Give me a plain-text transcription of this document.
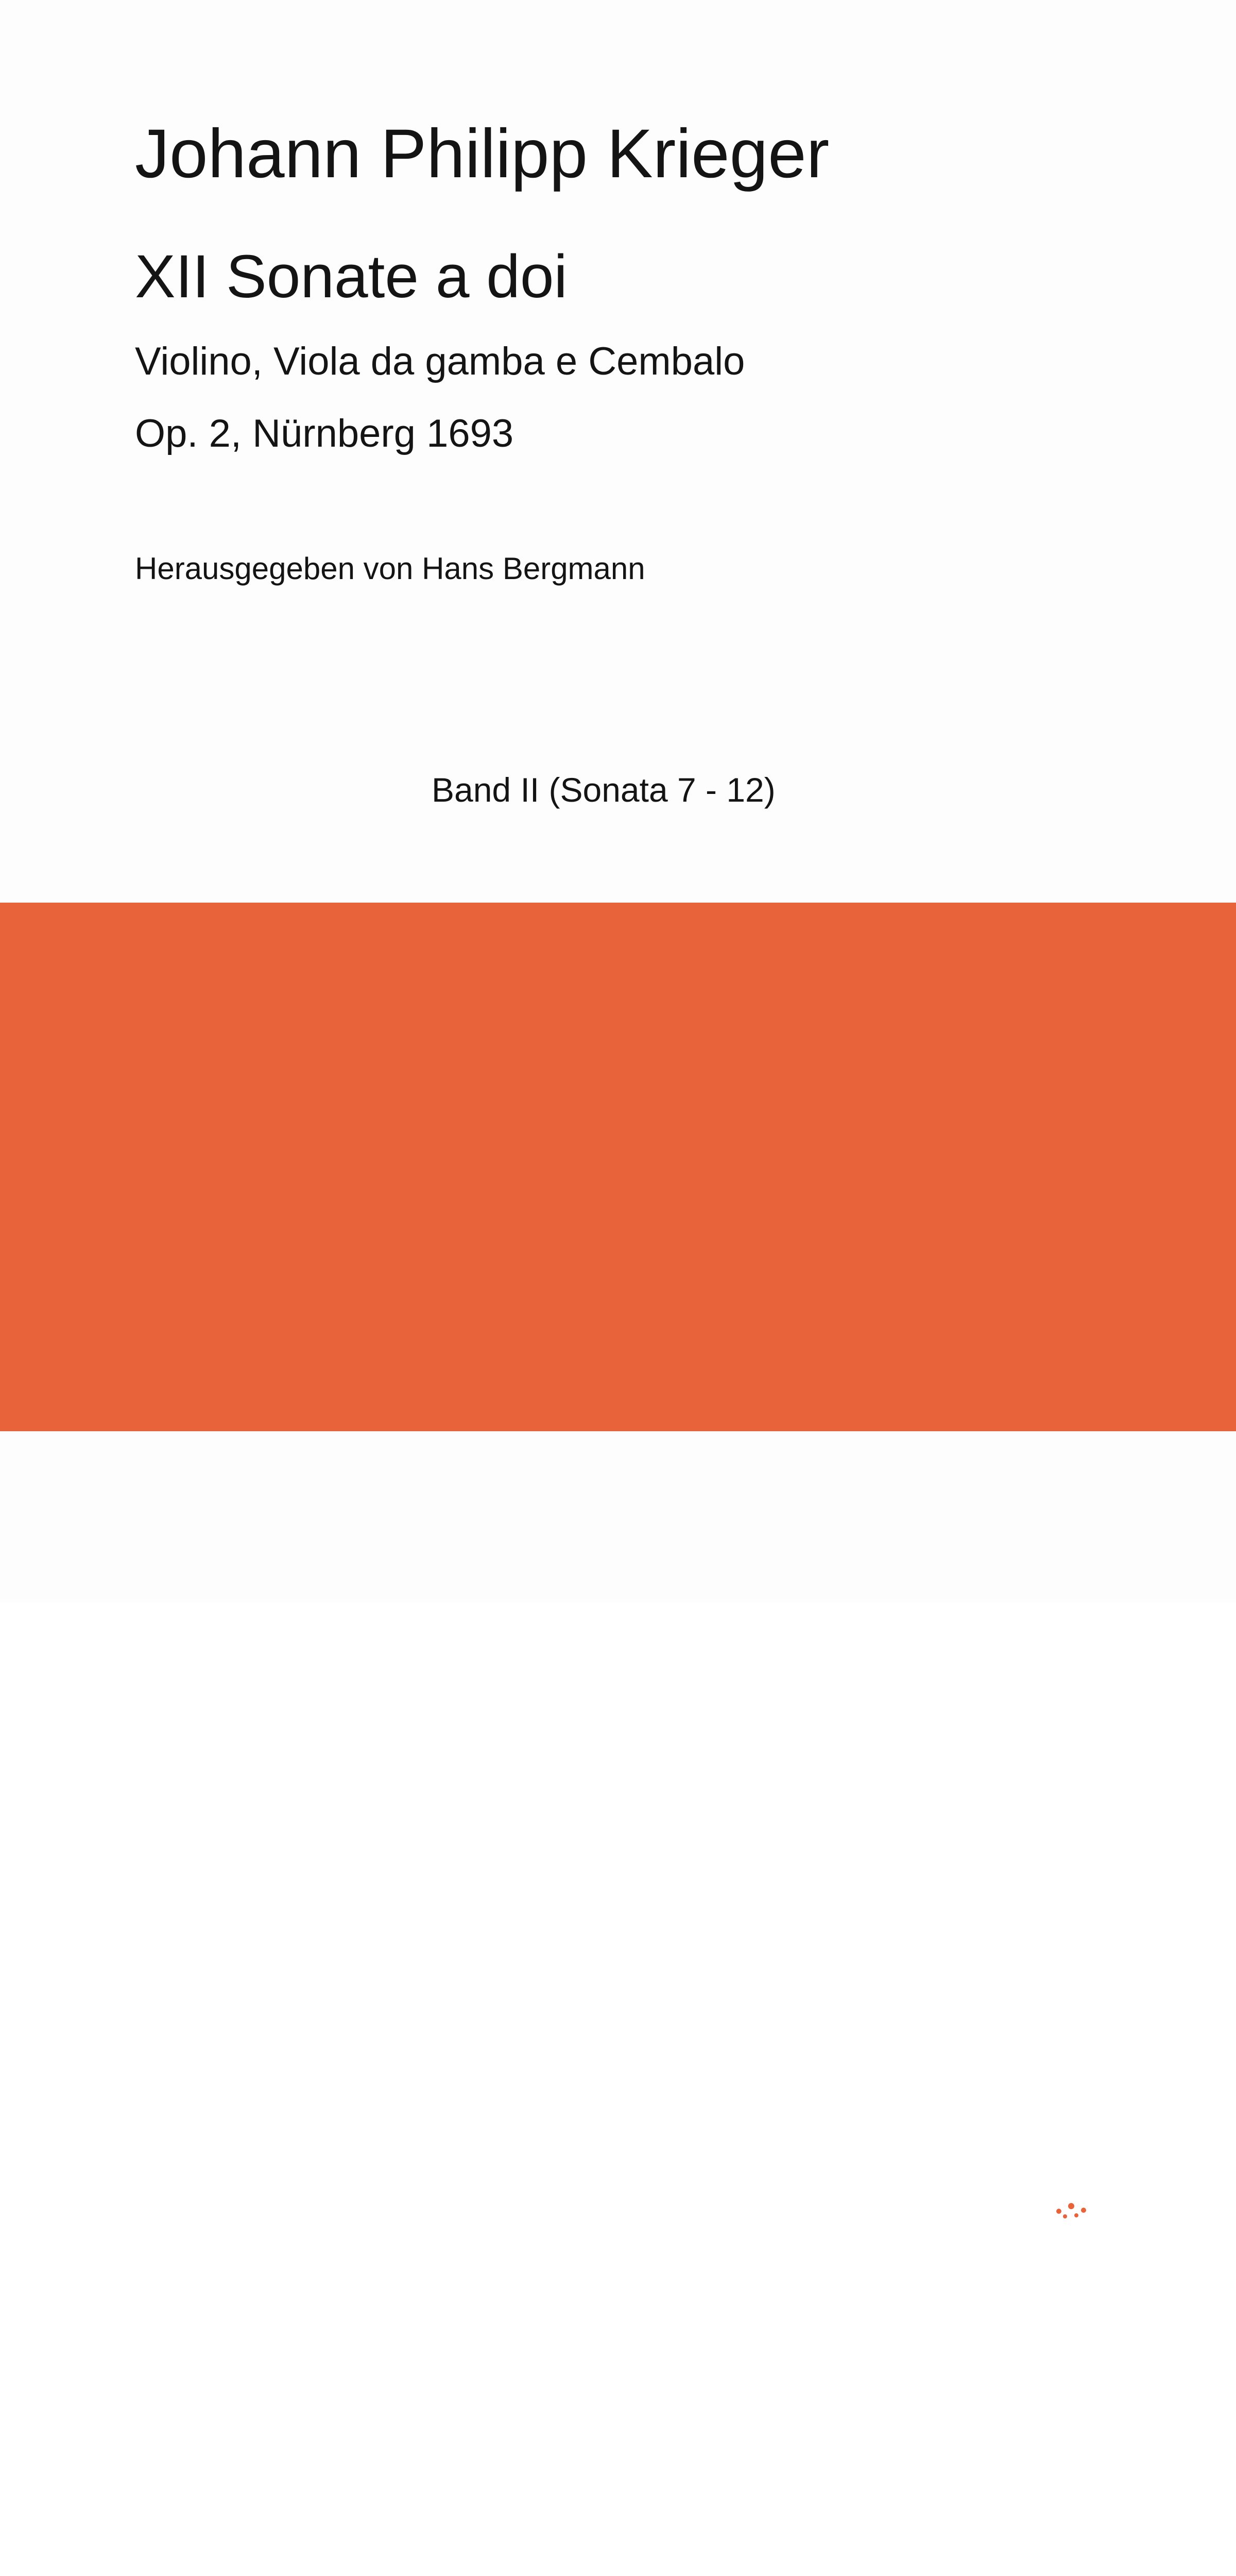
Johann Philipp Krieger
XII Sonate a doi
Violino, Viola da gamba e Cembalo
Op. 2, Nürnberg 1693
Herausgegeben von Hans Bergmann
Band II (Sonata 7 - 12)
